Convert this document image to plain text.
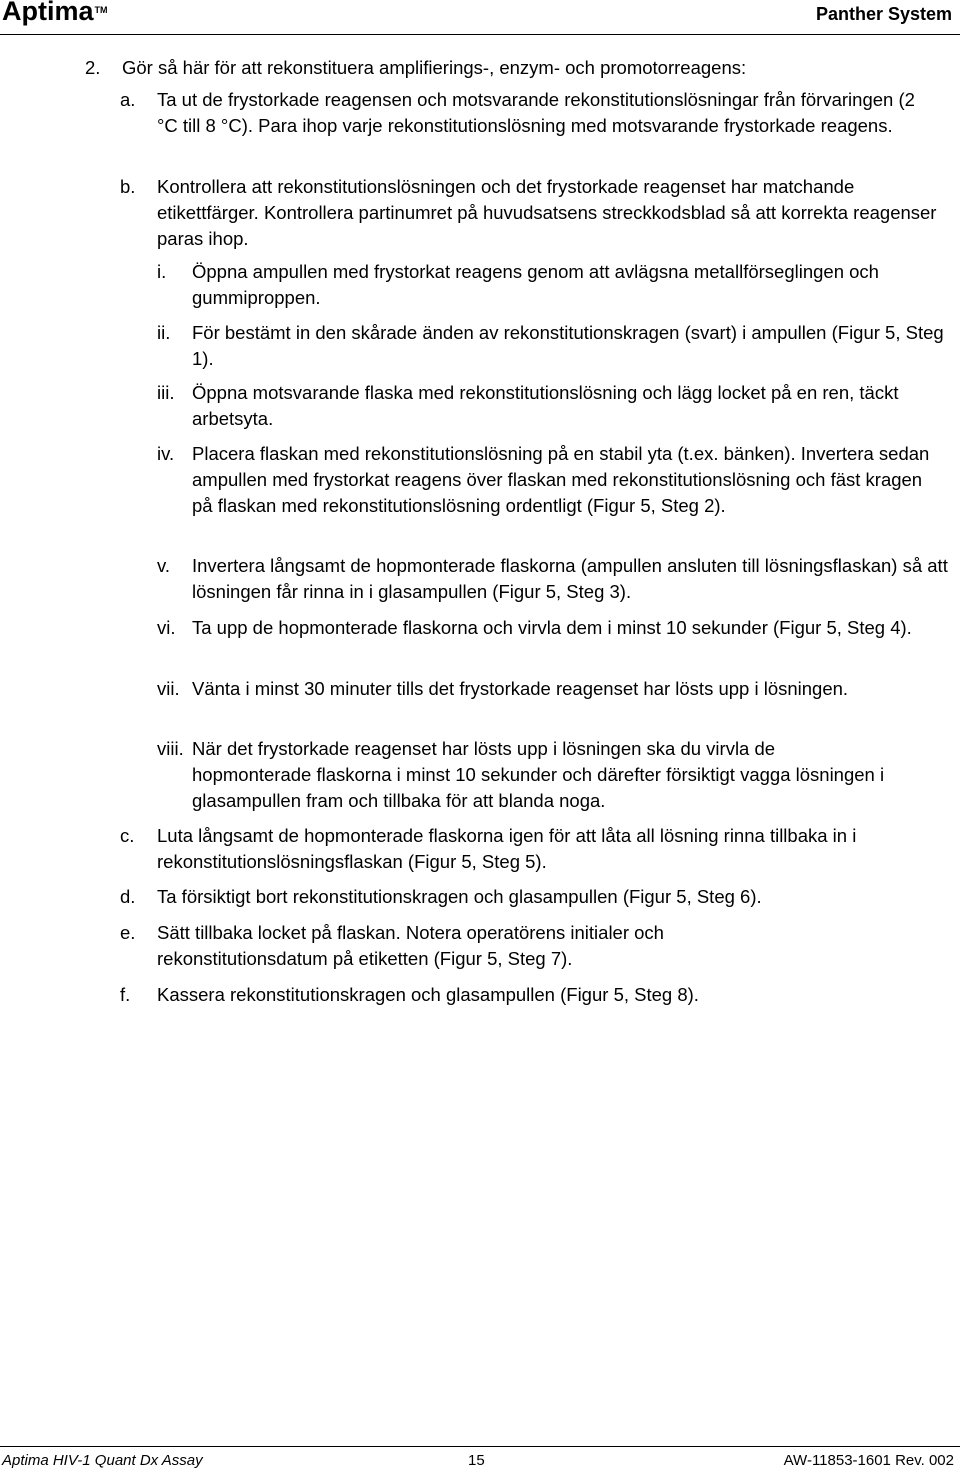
Aptima™	Panther System
2. Gör så här för att rekonstituera amplifierings-, enzym- och promotorreagens:
a. Ta ut de frystorkade reagensen och motsvarande rekonstitutionslösningar från förvaringen (2 °C till 8 °C). Para ihop varje rekonstitutionslösning med motsvarande frystorkade reagens.
b. Kontrollera att rekonstitutionslösningen och det frystorkade reagenset har matchande etikettfärger. Kontrollera partinumret på huvudsatsens streckkodsblad så att korrekta reagenser paras ihop.
i. Öppna ampullen med frystorkat reagens genom att avlägsna metallförseglingen och gummiproppen.
ii. För bestämt in den skårade änden av rekonstitutionskragen (svart) i ampullen (Figur 5, Steg 1).
iii. Öppna motsvarande flaska med rekonstitutionslösning och lägg locket på en ren, täckt arbetsyta.
iv. Placera flaskan med rekonstitutionslösning på en stabil yta (t.ex. bänken). Invertera sedan ampullen med frystorkat reagens över flaskan med rekonstitutionslösning och fäst kragen på flaskan med rekonstitutionslösning ordentligt (Figur 5, Steg 2).
v. Invertera långsamt de hopmonterade flaskorna (ampullen ansluten till lösningsflaskan) så att lösningen får rinna in i glasampullen (Figur 5, Steg 3).
vi. Ta upp de hopmonterade flaskorna och virvla dem i minst 10 sekunder (Figur 5, Steg 4).
vii. Vänta i minst 30 minuter tills det frystorkade reagenset har lösts upp i lösningen.
viii. När det frystorkade reagenset har lösts upp i lösningen ska du virvla de hopmonterade flaskorna i minst 10 sekunder och därefter försiktigt vagga lösningen i glasampullen fram och tillbaka för att blanda noga.
c. Luta långsamt de hopmonterade flaskorna igen för att låta all lösning rinna tillbaka in i rekonstitutionslösningsflaskan (Figur 5, Steg 5).
d. Ta försiktigt bort rekonstitutionskragen och glasampullen (Figur 5, Steg 6).
e. Sätt tillbaka locket på flaskan. Notera operatörens initialer och rekonstitutionsdatum på etiketten (Figur 5, Steg 7).
f. Kassera rekonstitutionskragen och glasampullen (Figur 5, Steg 8).
Aptima HIV-1 Quant Dx Assay	15	AW-11853-1601 Rev. 002
